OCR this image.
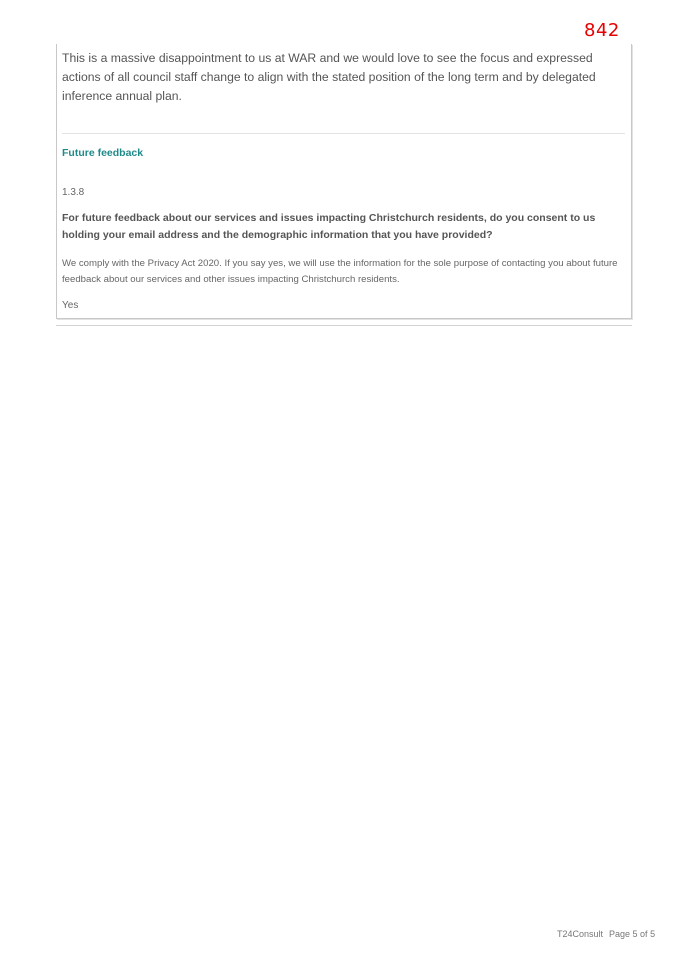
842
This is a massive disappointment to us at WAR and we would love to see the focus and expressed actions of all council staff change to align with the stated position of the long term and by delegated inference annual plan.
Future feedback
1.3.8
For future feedback about our services and issues impacting Christchurch residents, do you consent to us holding your email address and the demographic information that you have provided?
We comply with the Privacy Act 2020. If you say yes, we will use the information for the sole purpose of contacting you about future feedback about our services and other issues impacting Christchurch residents.
Yes
T24Consult Page 5 of 5
